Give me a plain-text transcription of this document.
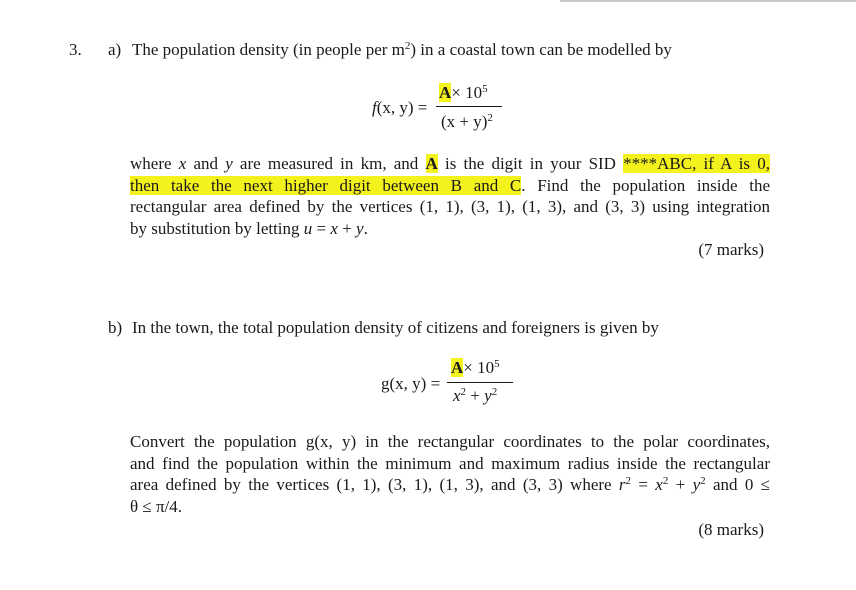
3. a) The population density (in people per $m^2$) in a coastal town can be modelled by
f(x, y) =
$A\times 10^5$
$(x + y)^2$
where x and y are measured in km, and A is the digit in your SID ****ABC, if A is 0,
then take the next higher digit between B and C. Find the population inside the
rectangular area defined by the vertices (1, 1), (3, 1), (1, 3), and (3, 3) using integration
by substitution by letting u = x + y.
(7 marks)
b) In the town, the total population density of citizens and foreigners is given by
g(x, y) =
$A\times 10^5$
$x^2 + y^2$
Convert the population g(x, y) in the rectangular coordinates to the polar coordinates,
and find the population within the minimum and maximum radius inside the rectangular
area defined by the vertices (1, 1), (3, 1), (1, 3), and (3, 3) where $r^2 = x^2 + y^2$ and 0 ≤
θ ≤ π/4.
(8 marks)
